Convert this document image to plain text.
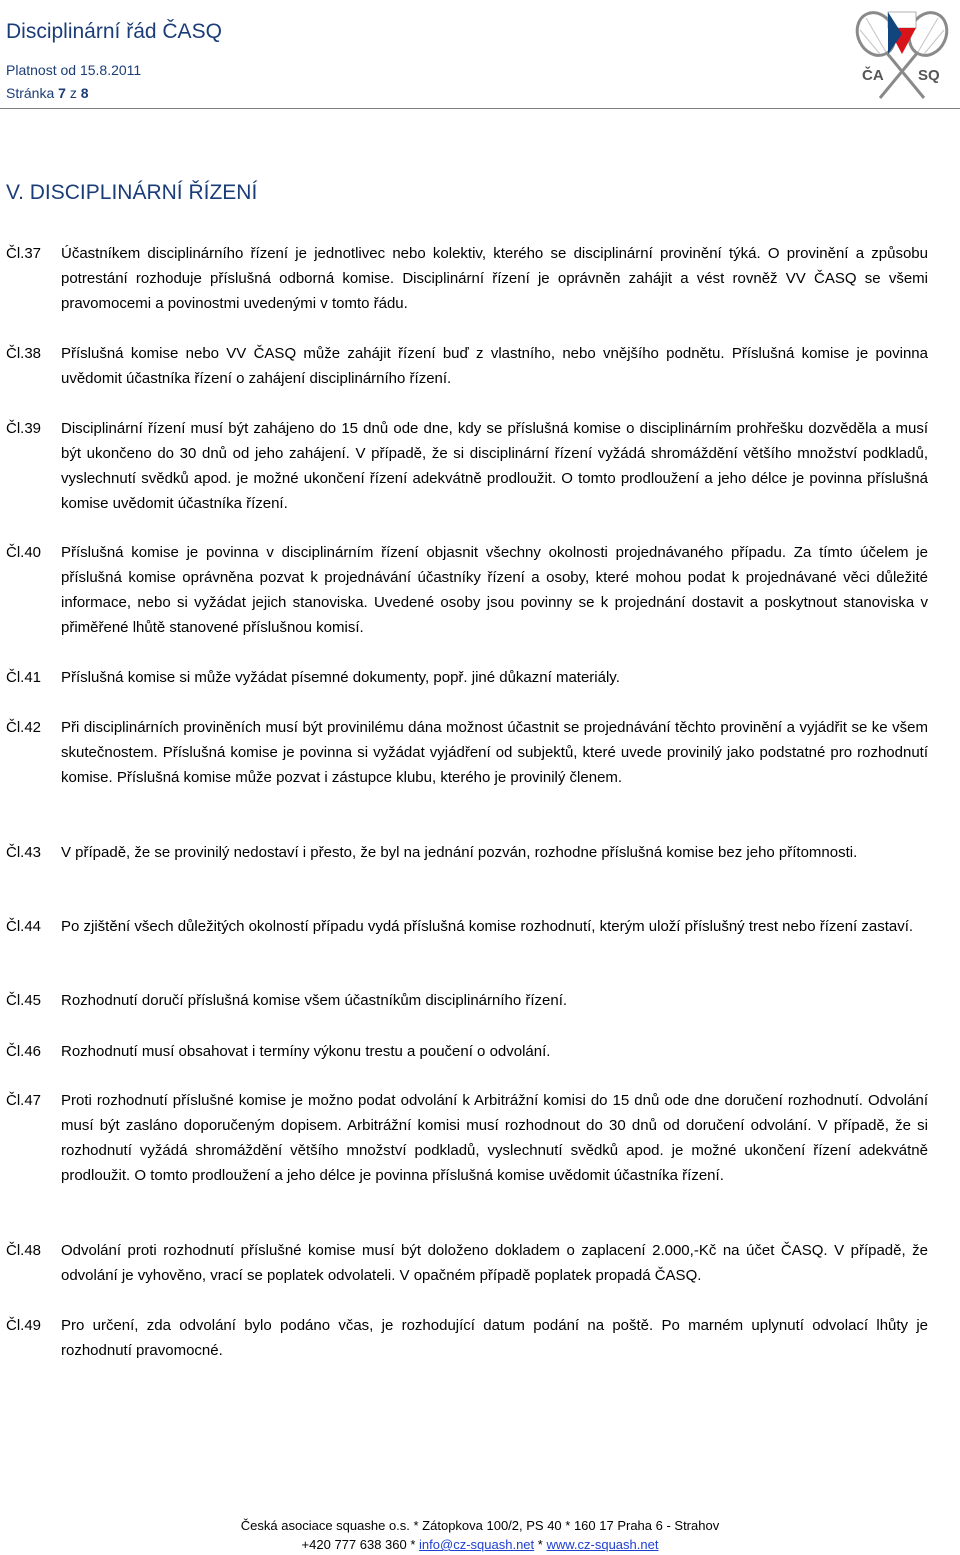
Disciplinární řád ČASQ
Platnost od 15.8.2011
Stránka 7 z 8
ČA SQ
V. DISCIPLINÁRNÍ ŘÍZENÍ
Čl.37 Účastníkem disciplinárního řízení je jednotlivec nebo kolektiv, kterého se disciplinární provinění týká. O provinění a způsobu potrestání rozhoduje příslušná odborná komise. Disciplinární řízení je oprávněn zahájit a vést rovněž VV ČASQ se všemi pravomocemi a povinostmi uvedenými v tomto řádu.
Čl.38 Příslušná komise nebo VV ČASQ může zahájit řízení buď z vlastního, nebo vnějšího podnětu. Příslušná komise je povinna uvědomit účastníka řízení o zahájení disciplinárního řízení.
Čl.39 Disciplinární řízení musí být zahájeno do 15 dnů ode dne, kdy se příslušná komise o disciplinárním prohřešku dozvěděla a musí být ukončeno do 30 dnů od jeho zahájení. V případě, že si disciplinární řízení vyžádá shromáždění většího množství podkladů, vyslechnutí svědků apod. je možné ukončení řízení adekvátně prodloužit. O tomto prodloužení a jeho délce je povinna příslušná komise uvědomit účastníka řízení.
Čl.40 Příslušná komise je povinna v disciplinárním řízení objasnit všechny okolnosti projednávaného případu. Za tímto účelem je příslušná komise oprávněna pozvat k projednávání účastníky řízení a osoby, které mohou podat k projednávané věci důležité informace, nebo si vyžádat jejich stanoviska. Uvedené osoby jsou povinny se k projednání dostavit a poskytnout stanoviska v přiměřené lhůtě stanovené příslušnou komisí.
Čl.41 Příslušná komise si může vyžádat písemné dokumenty, popř. jiné důkazní materiály.
Čl.42 Při disciplinárních proviněních musí být provinilému dána možnost účastnit se projednávání těchto provinění a vyjádřit se ke všem skutečnostem. Příslušná komise je povinna si vyžádat vyjádření od subjektů, které uvede provinilý jako podstatné pro rozhodnutí komise. Příslušná komise může pozvat i zástupce klubu, kterého je provinilý členem.
Čl.43 V případě, že se provinilý nedostaví i přesto, že byl na jednání pozván, rozhodne příslušná komise bez jeho přítomnosti.
Čl.44 Po zjištění všech důležitých okolností případu vydá příslušná komise rozhodnutí, kterým uloží příslušný trest nebo řízení zastaví.
Čl.45 Rozhodnutí doručí příslušná komise všem účastníkům disciplinárního řízení.
Čl.46 Rozhodnutí musí obsahovat i termíny výkonu trestu a poučení o odvolání.
Čl.47 Proti rozhodnutí příslušné komise je možno podat odvolání k Arbitrážní komisi do 15 dnů ode dne doručení rozhodnutí. Odvolání musí být zasláno doporučeným dopisem. Arbitrážní komisi musí rozhodnout do 30 dnů od doručení odvolání. V případě, že si rozhodnutí vyžádá shromáždění většího množství podkladů, vyslechnutí svědků apod. je možné ukončení řízení adekvátně prodloužit. O tomto prodloužení a jeho délce je povinna příslušná komise uvědomit účastníka řízení.
Čl.48 Odvolání proti rozhodnutí příslušné komise musí být doloženo dokladem o zaplacení 2.000,-Kč na účet ČASQ. V případě, že odvolání je vyhověno, vrací se poplatek odvolateli. V opačném případě poplatek propadá ČASQ.
Čl.49 Pro určení, zda odvolání bylo podáno včas, je rozhodující datum podání na poště. Po marném uplynutí odvolací lhůty je rozhodnutí pravomocné.
Česká asociace squashe o.s. * Zátopkova 100/2, PS 40 * 160 17 Praha 6 - Strahov
+420 777 638 360 * info@cz-squash.net * www.cz-squash.net
